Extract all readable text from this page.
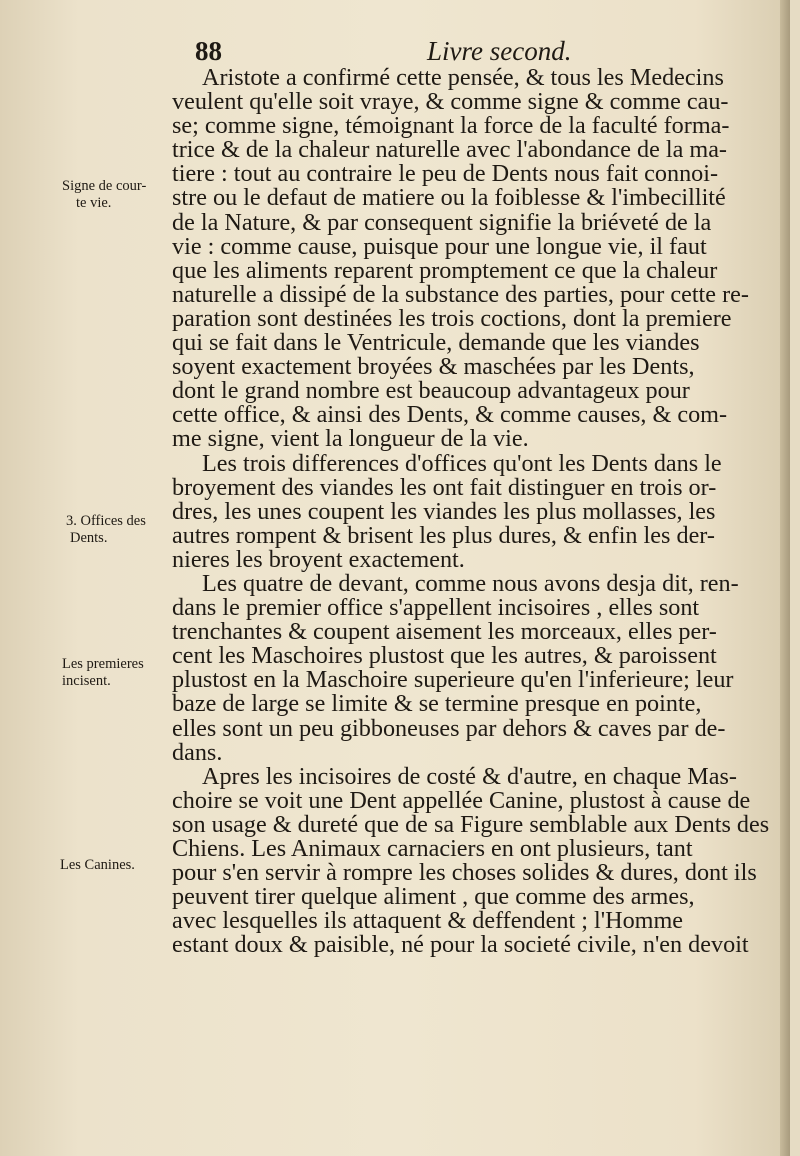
88	Livre second.
Signe de cour-
te vie.
3. Offices des
Dents.
Les premieres
incisent.
Les Canines.
Aristote a confirmé cette pensée, & tous les Medecins
veulent qu'elle soit vraye, & comme signe & comme cau-
se; comme signe, témoignant la force de la faculté forma-
trice & de la chaleur naturelle avec l'abondance de la ma-
tiere : tout au contraire le peu de Dents nous fait connoi-
stre ou le defaut de matiere ou la foiblesse & l'imbecillité
de la Nature, & par consequent signifie la briéveté de la
vie : comme cause, puisque pour une longue vie, il faut
que les aliments reparent promptement ce que la chaleur
naturelle a dissipé de la substance des parties, pour cette re-
paration sont destinées les trois coctions, dont la premiere
qui se fait dans le Ventricule, demande que les viandes
soyent exactement broyées & maschées par les Dents,
dont le grand nombre est beaucoup advantageux pour
cette office, & ainsi des Dents, & comme causes, & com-
me signe, vient la longueur de la vie.
Les trois differences d'offices qu'ont les Dents dans le
broyement des viandes les ont fait distinguer en trois or-
dres, les unes coupent les viandes les plus mollasses, les
autres rompent & brisent les plus dures, & enfin les der-
nieres les broyent exactement.
Les quatre de devant, comme nous avons desja dit, ren-
dans le premier office s'appellent incisoires , elles sont
trenchantes & coupent aisement les morceaux, elles per-
cent les Maschoires plustost que les autres, & paroissent
plustost en la Maschoire superieure qu'en l'inferieure; leur
baze de large se limite & se termine presque en pointe,
elles sont un peu gibboneuses par dehors & caves par de-
dans.
Apres les incisoires de costé & d'autre, en chaque Mas-
choire se voit une Dent appellée Canine, plustost à cause de
son usage & dureté que de sa Figure semblable aux Dents des
Chiens. Les Animaux carnaciers en ont plusieurs, tant
pour s'en servir à rompre les choses solides & dures, dont ils
peuvent tirer quelque aliment , que comme des armes,
avec lesquelles ils attaquent & deffendent ; l'Homme
estant doux & paisible, né pour la societé civile, n'en devoit
